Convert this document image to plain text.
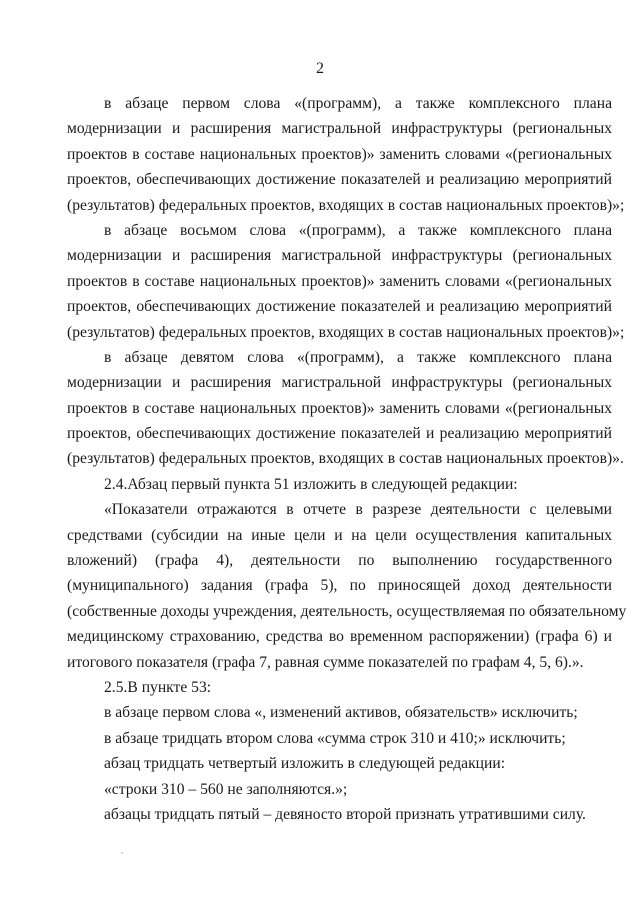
2
в абзаце первом слова «(программ), а также комплексного плана
модернизации и расширения магистральной инфраструктуры (региональных
проектов в составе национальных проектов)» заменить словами «(региональных
проектов, обеспечивающих достижение показателей и реализацию мероприятий
(результатов) федеральных проектов, входящих в состав национальных проектов)»;
в абзаце восьмом слова «(программ), а также комплексного плана
модернизации и расширения магистральной инфраструктуры (региональных
проектов в составе национальных проектов)» заменить словами «(региональных
проектов, обеспечивающих достижение показателей и реализацию мероприятий
(результатов) федеральных проектов, входящих в состав национальных проектов)»;
в абзаце девятом слова «(программ), а также комплексного плана
модернизации и расширения магистральной инфраструктуры (региональных
проектов в составе национальных проектов)» заменить словами «(региональных
проектов, обеспечивающих достижение показателей и реализацию мероприятий
(результатов) федеральных проектов, входящих в состав национальных проектов)».
2.4.Абзац первый пункта 51 изложить в следующей редакции:
«Показатели отражаются в отчете в разрезе деятельности с целевыми
средствами (субсидии на иные цели и на цели осуществления капитальных
вложений) (графа 4), деятельности по выполнению государственного
(муниципального) задания (графа 5), по приносящей доход деятельности
(собственные доходы учреждения, деятельность, осуществляемая по обязательному
медицинскому страхованию, средства во временном распоряжении) (графа 6) и
итогового показателя (графа 7, равная сумме показателей по графам 4, 5, 6).».
2.5.В пункте 53:
в абзаце первом слова «, изменений активов, обязательств» исключить;
в абзаце тридцать втором слова «сумма строк 310 и 410;» исключить;
абзац тридцать четвертый изложить в следующей редакции:
«строки 310 – 560 не заполняются.»;
абзацы тридцать пятый – девяносто второй признать утратившими силу.
